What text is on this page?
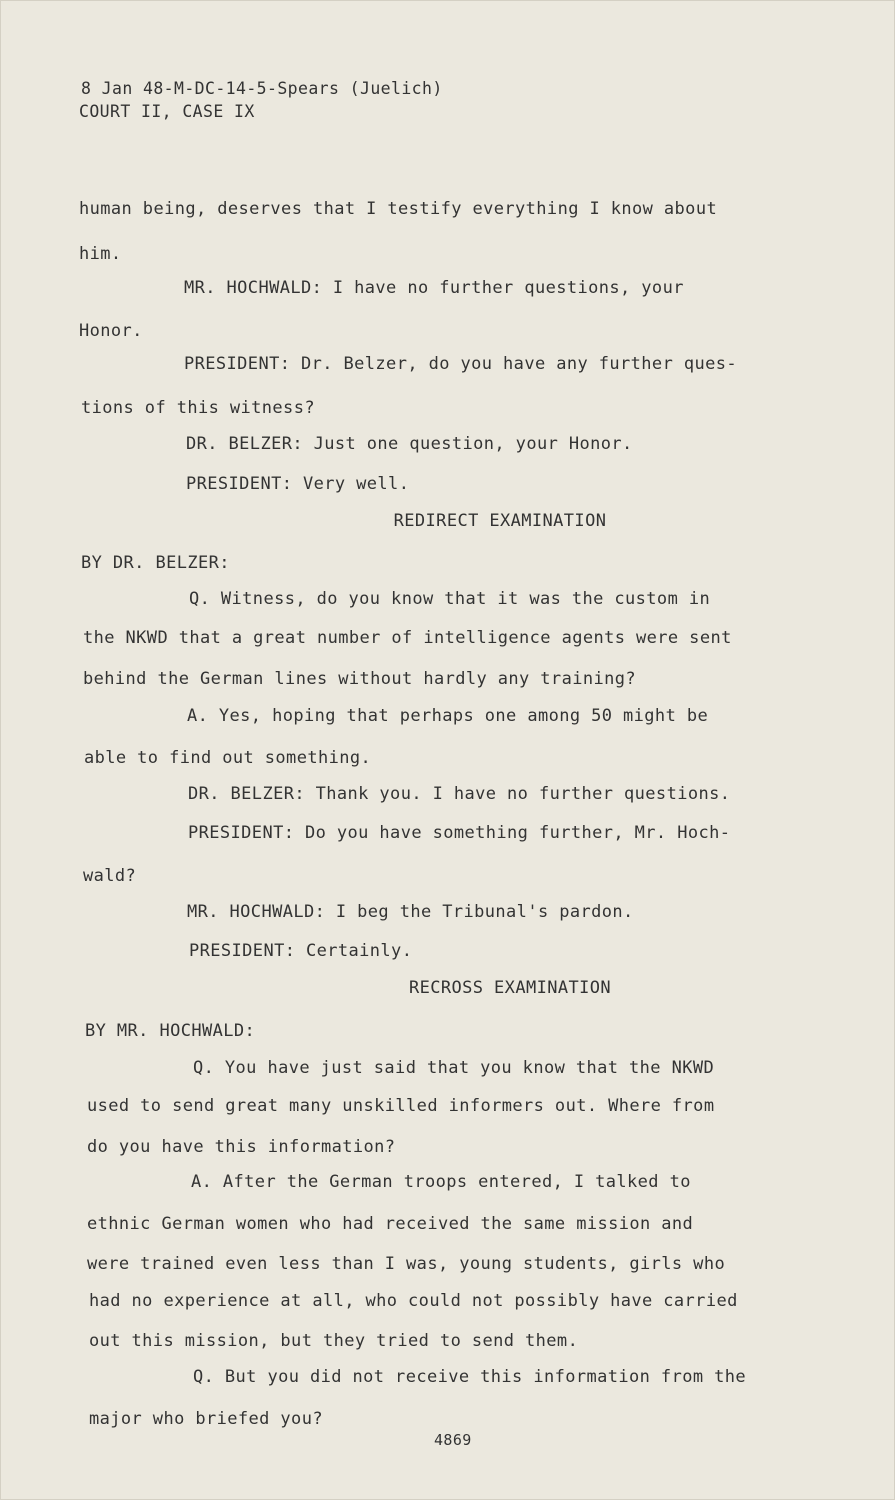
8 Jan 48-M-DC-14-5-Spears (Juelich)
COURT II, CASE IX
human being, deserves that I testify everything I know about
him.
MR. HOCHWALD: I have no further questions, your
Honor.
PRESIDENT: Dr. Belzer, do you have any further ques-
tions of this witness?
DR. BELZER: Just one question, your Honor.
PRESIDENT: Very well.
REDIRECT EXAMINATION
BY DR. BELZER:
Q. Witness, do you know that it was the custom in
the NKWD that a great number of intelligence agents were sent
behind the German lines without hardly any training?
A. Yes, hoping that perhaps one among 50 might be
able to find out something.
DR. BELZER: Thank you. I have no further questions.
PRESIDENT: Do you have something further, Mr. Hoch-
wald?
MR. HOCHWALD: I beg the Tribunal's pardon.
PRESIDENT: Certainly.
RECROSS EXAMINATION
BY MR. HOCHWALD:
Q. You have just said that you know that the NKWD
used to send great many unskilled informers out. Where from
do you have this information?
A. After the German troops entered, I talked to
ethnic German women who had received the same mission and
were trained even less than I was, young students, girls who
had no experience at all, who could not possibly have carried
out this mission, but they tried to send them.
Q. But you did not receive this information from the
major who briefed you?
4869
